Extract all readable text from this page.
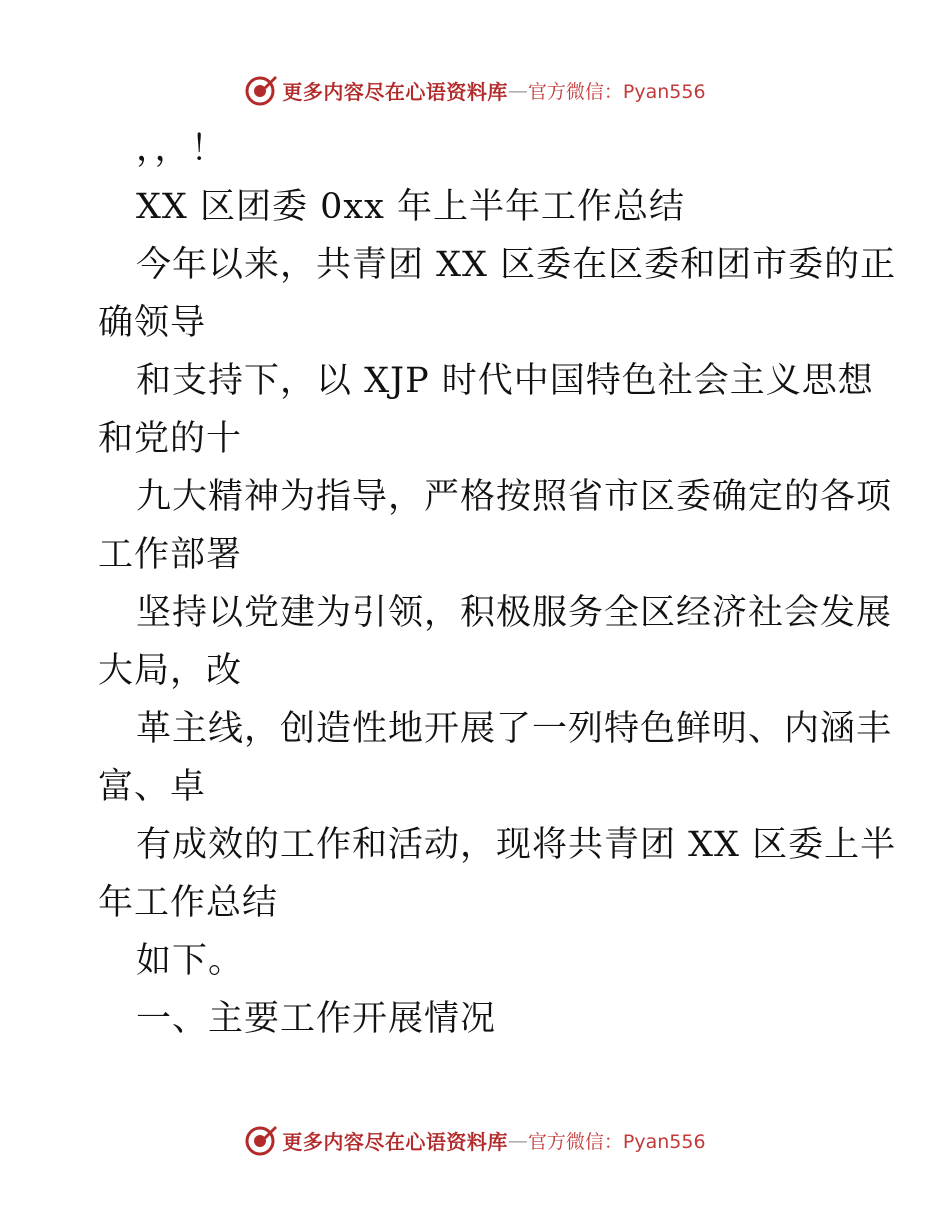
更多内容尽在心语资料库 — 官方微信：Pyan556
，，！
XX 区团委 0xx 年上半年工作总结
今年以来，共青团 XX 区委在区委和团市委的正
确领导
和支持下，以 XJP 时代中国特色社会主义思想
和党的十
九大精神为指导，严格按照省市区委确定的各项
工作部署
坚持以党建为引领，积极服务全区经济社会发展
大局，改
革主线，创造性地开展了一列特色鲜明、内涵丰
富、卓
有成效的工作和活动，现将共青团 XX 区委上半
年工作总结
如下。
一、主要工作开展情况
更多内容尽在心语资料库 — 官方微信：Pyan556
